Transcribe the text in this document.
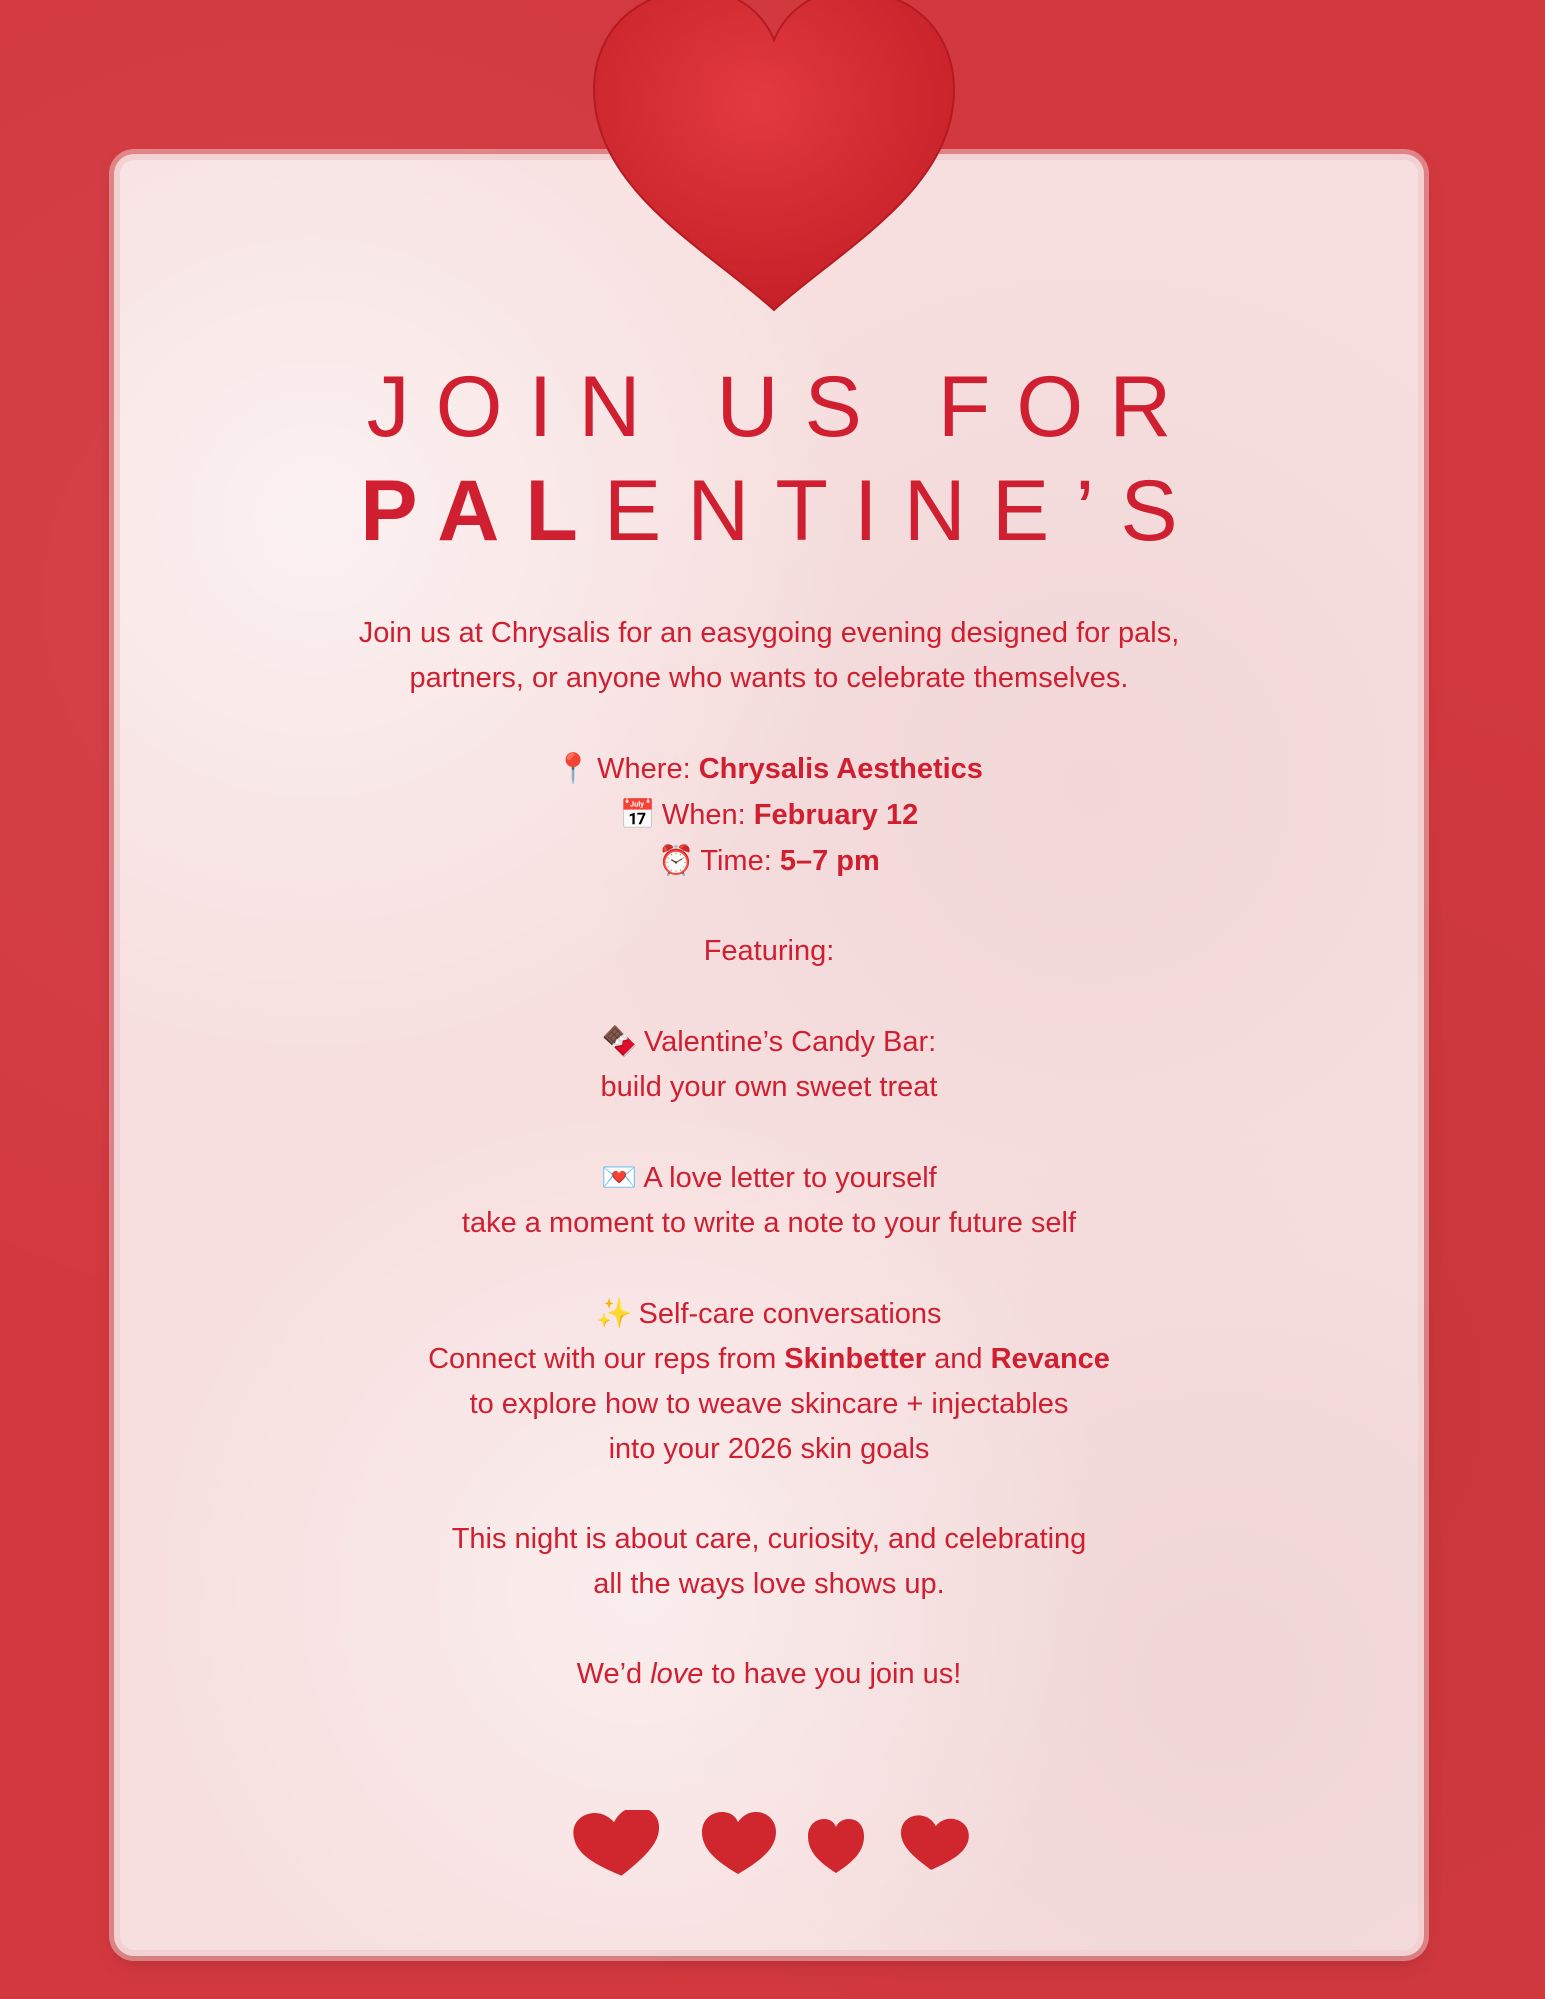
JOIN US FOR
PALENTINE’S

Join us at Chrysalis for an easygoing evening designed for pals,

partners, or anyone who wants to celebrate themselves.

📍 Where: Chrysalis Aesthetics

📅 When: February 12

⏰ Time: 5–7 pm

Featuring:

🍫 Valentine’s Candy Bar:

build your own sweet treat

💌 A love letter to yourself

take a moment to write a note to your future self

✨ Self-care conversations

Connect with our reps from Skinbetter and Revance

to explore how to weave skincare + injectables

into your 2026 skin goals

This night is about care, curiosity, and celebrating

all the ways love shows up.

We’d love to have you join us!
